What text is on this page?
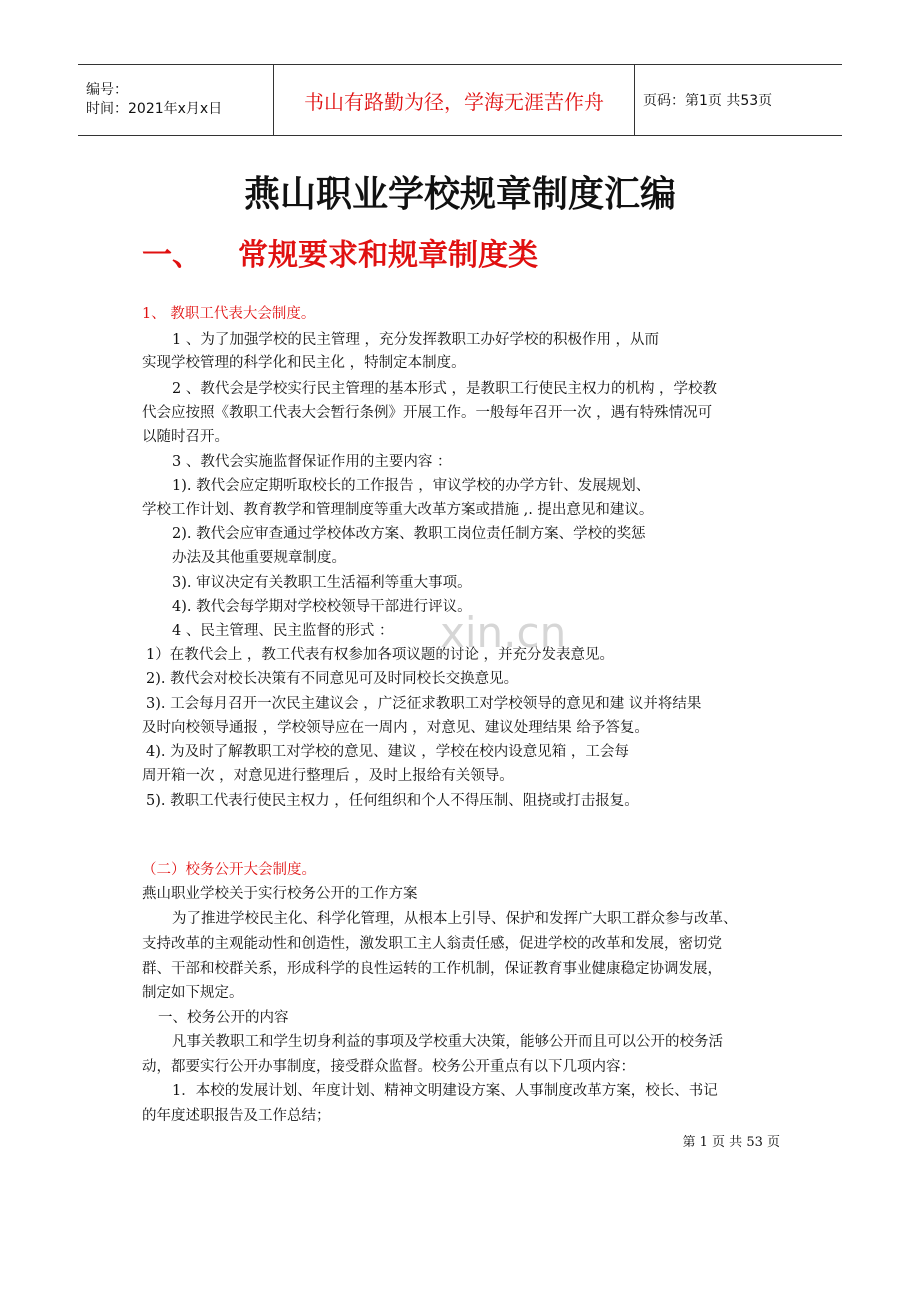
编号：
时间：2021年x月x日	书山有路勤为径，学海无涯苦作舟	页码：第1页 共53页
燕山职业学校规章制度汇编
一、 常规要求和规章制度类
1、 教职工代表大会制度。
1 、为了加强学校的民主管理 ，充分发挥教职工办好学校的积极作用 ，从而
实现学校管理的科学化和民主化 ，特制定本制度。
2 、教代会是学校实行民主管理的基本形式 ，是教职工行使民主权力的机构 ，学校教
代会应按照《教职工代表大会暂行条例》开展工作。一般每年召开一次 ，遇有特殊情况可
以随时召开。
3 、教代会实施监督保证作用的主要内容 ：
1). 教代会应定期听取校长的工作报告 ，审议学校的办学方针、发展规划、
学校工作计划、教育教学和管理制度等重大改革方案或措施 ,. 提出意见和建议。
2). 教代会应审查通过学校体改方案、教职工岗位责任制方案、学校的奖惩
办法及其他重要规章制度。
3). 审议决定有关教职工生活福利等重大事项。
4). 教代会每学期对学校校领导干部进行评议。
4 、民主管理、民主监督的形式 ：
1）在教代会上 ，教工代表有权参加各项议题的讨论 ，并充分发表意见。
2). 教代会对校长决策有不同意见可及时同校长交换意见。
3). 工会每月召开一次民主建议会 ，广泛征求教职工对学校领导的意见和建 议并将结果
及时向校领导通报 ，学校领导应在一周内 ，对意见、建议处理结果 给予答复。
4). 为及时了解教职工对学校的意见、建议 ，学校在校内设意见箱 ，工会每
周开箱一次 ，对意见进行整理后 ，及时上报给有关领导。
5). 教职工代表行使民主权力 ，任何组织和个人不得压制、阻挠或打击报复。
（二）校务公开大会制度。
燕山职业学校关于实行校务公开的工作方案
为了推进学校民主化、科学化管理，从根本上引导、保护和发挥广大职工群众参与改革、
支持改革的主观能动性和创造性，激发职工主人翁责任感，促进学校的改革和发展，密切党
群、干部和校群关系，形成科学的良性运转的工作机制，保证教育事业健康稳定协调发展，
制定如下规定。
一、校务公开的内容
凡事关教职工和学生切身利益的事项及学校重大决策，能够公开而且可以公开的校务活
动，都要实行公开办事制度，接受群众监督。校务公开重点有以下几项内容：
1．本校的发展计划、年度计划、精神文明建设方案、人事制度改革方案，校长、书记
的年度述职报告及工作总结；
xin.cn
第 1 页 共 53 页
